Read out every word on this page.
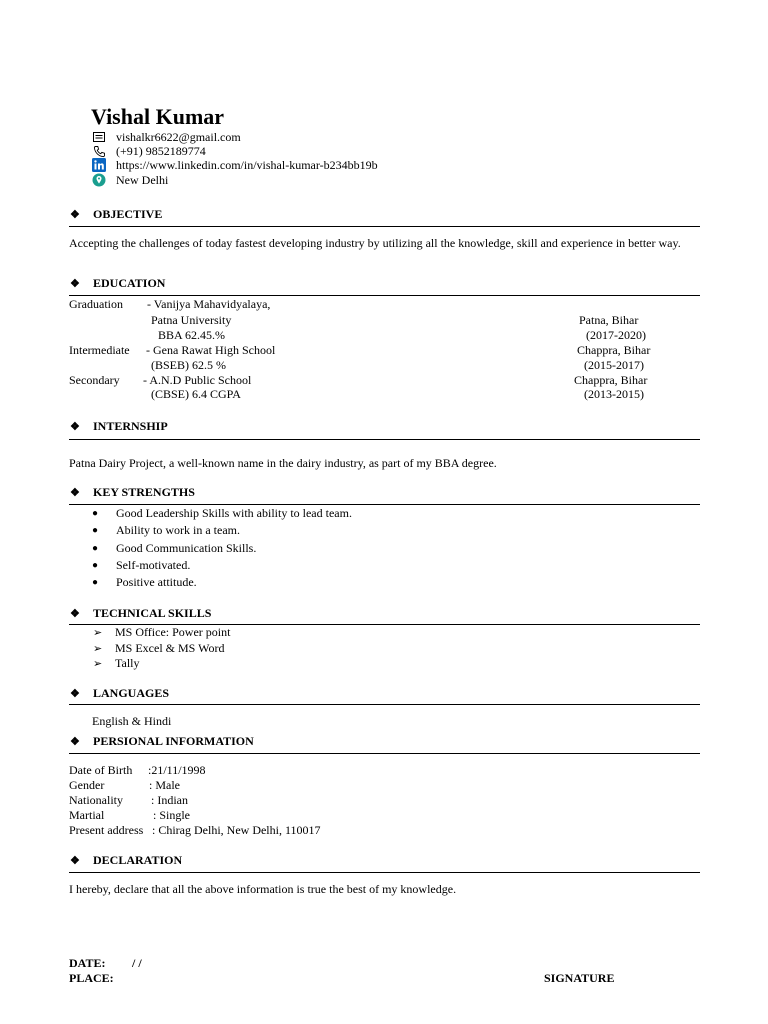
Vishal Kumar
vishalkr6622@gmail.com
(+91) 9852189774
https://www.linkedin.com/in/vishal-kumar-b234bb19b
New Delhi
❖	OBJECTIVE
Accepting the challenges of today fastest developing industry by utilizing all the knowledge, skill and experience in better way.
❖	EDUCATION
Graduation - Vanijya Mahavidyalaya,
Patna University	Patna, Bihar
BBA 62.45.%	(2017-2020)
Intermediate - Gena Rawat High School	Chappra, Bihar
(BSEB) 62.5 %	(2015-2017)
Secondary - A.N.D Public School	Chappra, Bihar
(CBSE) 6.4 CGPA	(2013-2015)
❖	INTERNSHIP
Patna Dairy Project, a well-known name in the dairy industry, as part of my BBA degree.
❖	KEY STRENGTHS
●	Good Leadership Skills with ability to lead team.
●	Ability to work in a team.
●	Good Communication Skills.
●	Self-motivated.
●	Positive attitude.
❖	TECHNICAL SKILLS
➢	MS Office: Power point
➢	MS Excel & MS Word
➢	Tally
❖	LANGUAGES
English & Hindi
❖	PERSIONAL INFORMATION
Date of Birth :21/11/1998
Gender	: Male
Nationality : Indian
Martial	: Single
Present address : Chirag Delhi, New Delhi, 110017
❖	DECLARATION
I hereby, declare that all the above information is true the best of my knowledge.
DATE: / /
PLACE:	SIGNATURE
